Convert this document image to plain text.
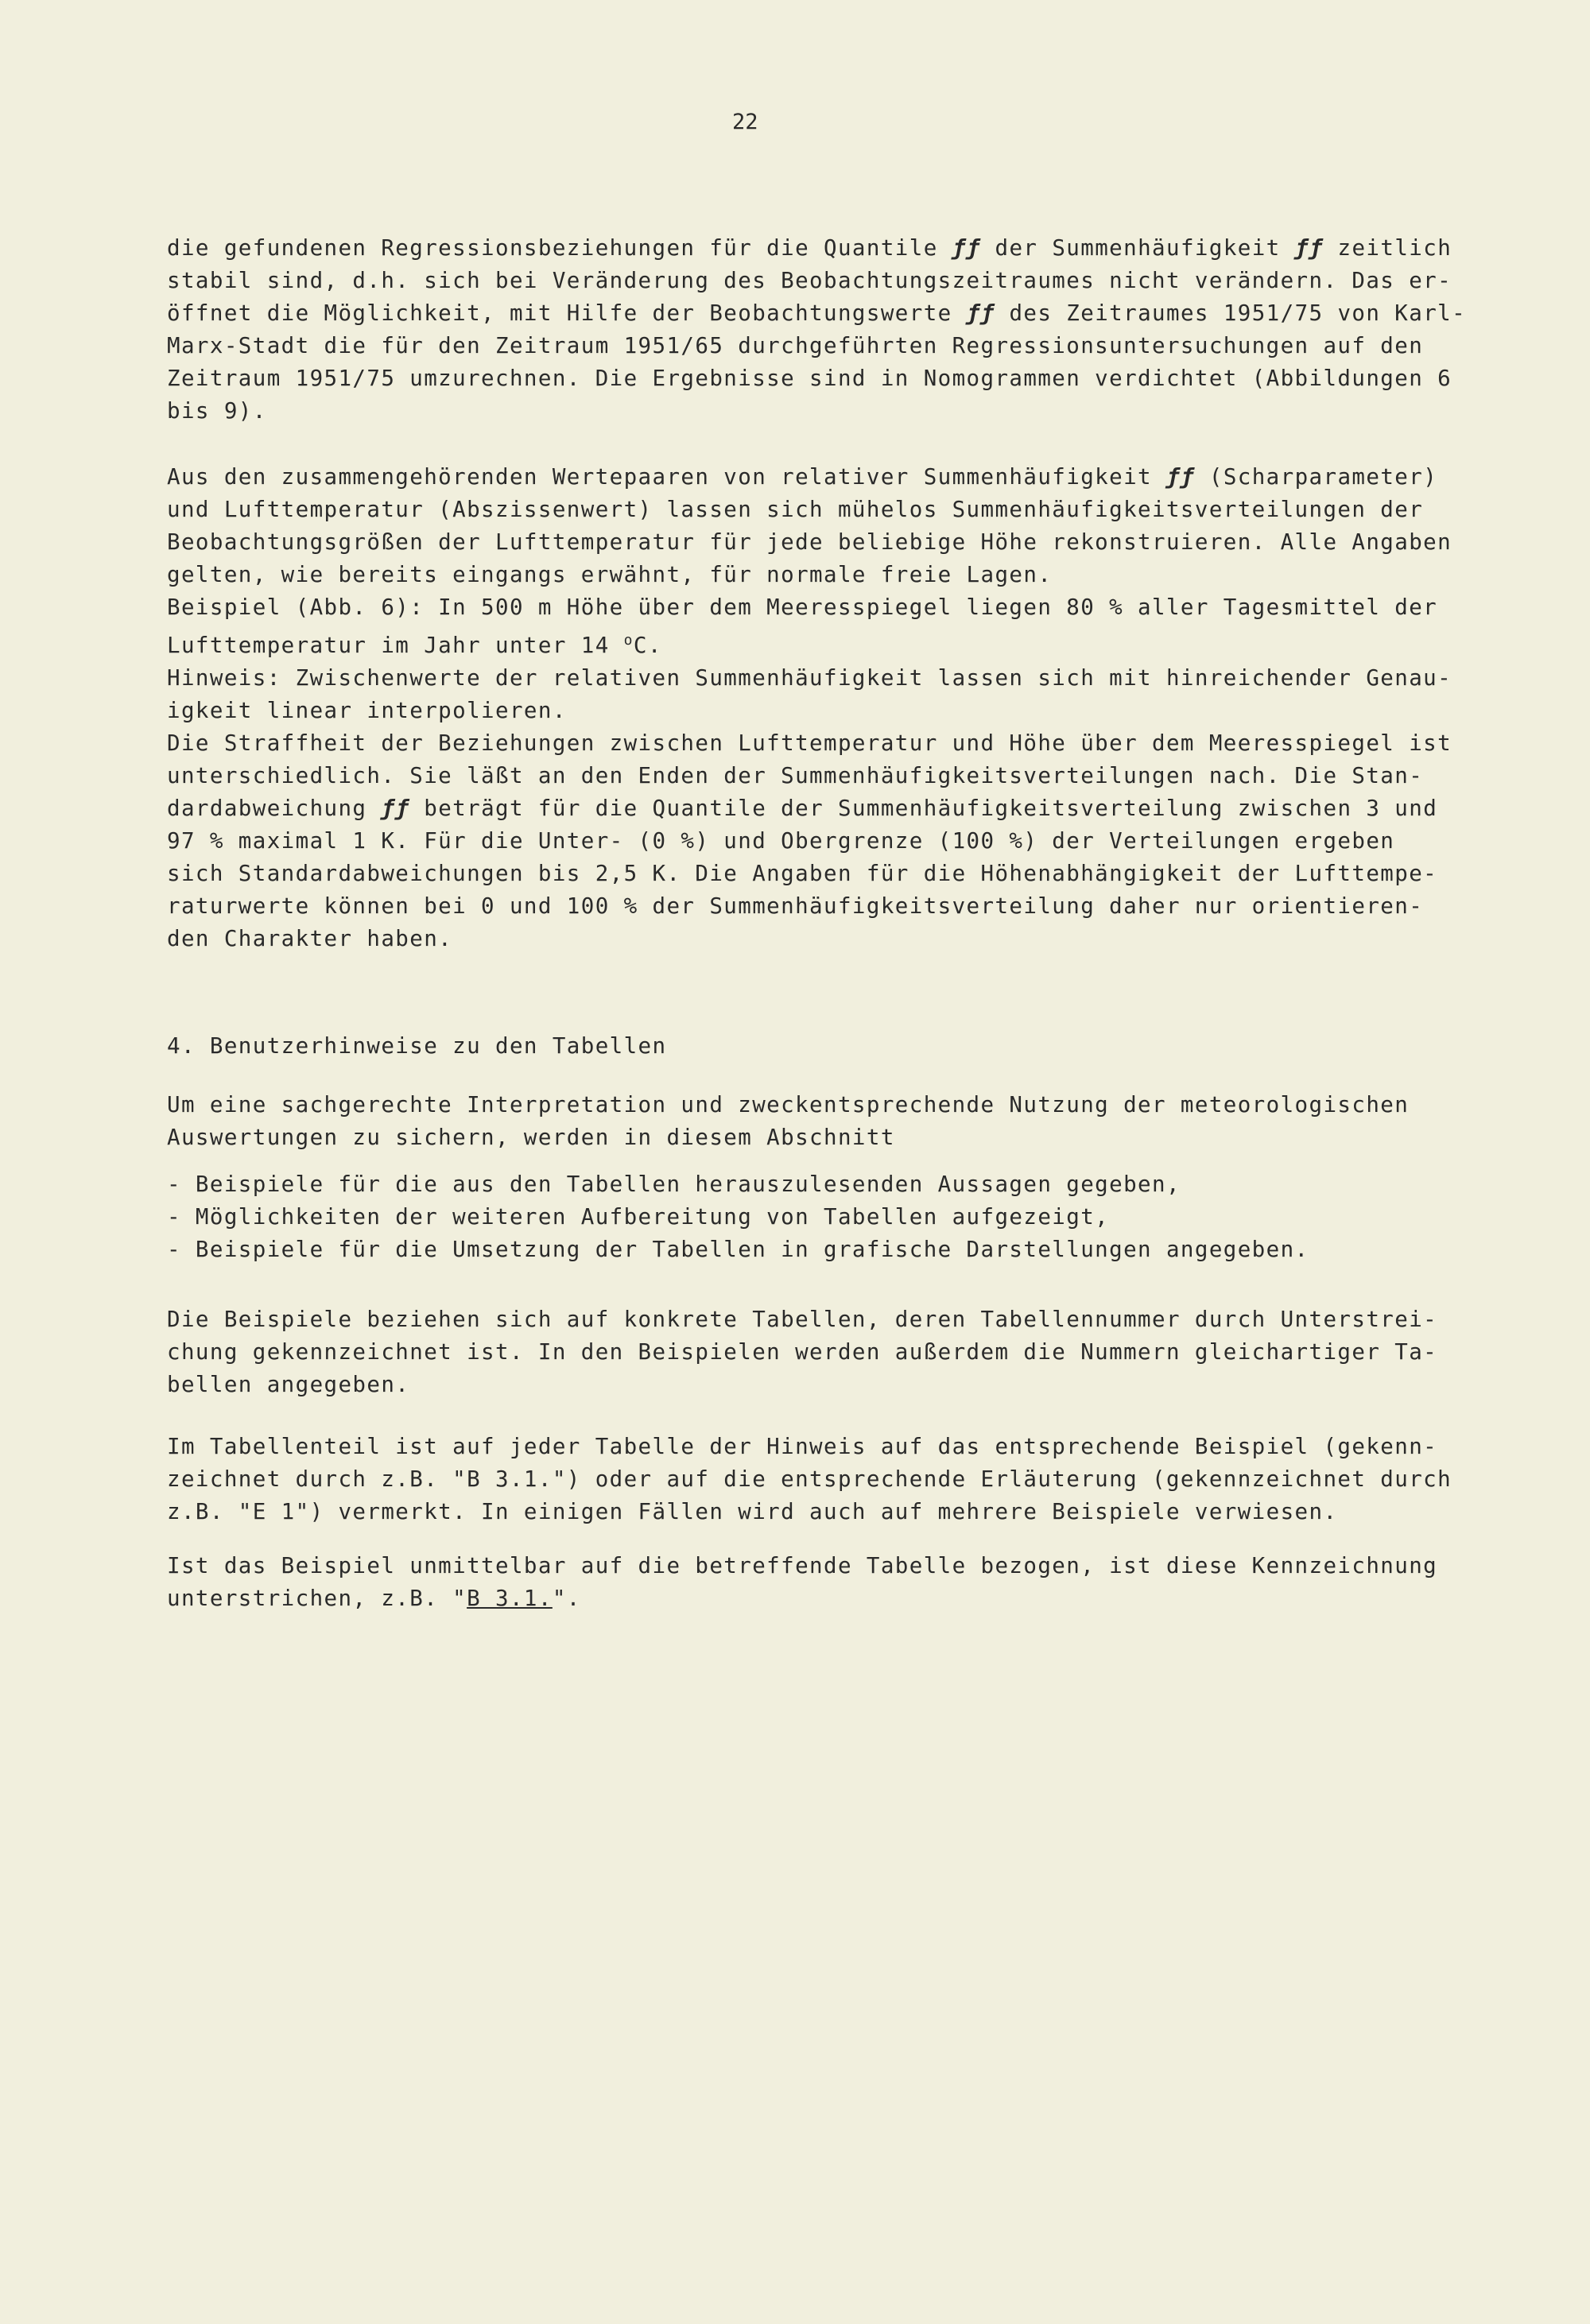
22
die gefundenen Regressionsbeziehungen für die Quantile ƒƒ der Summenhäufigkeit ƒƒ zeitlich
stabil sind, d.h. sich bei Veränderung des Beobachtungszeitraumes nicht verändern. Das er-
öffnet die Möglichkeit, mit Hilfe der Beobachtungswerte ƒƒ des Zeitraumes 1951/75 von Karl-
Marx-Stadt die für den Zeitraum 1951/65 durchgeführten Regressionsuntersuchungen auf den
Zeitraum 1951/75 umzurechnen. Die Ergebnisse sind in Nomogrammen verdichtet (Abbildungen 6
bis 9).
Aus den zusammengehörenden Wertepaaren von relativer Summenhäufigkeit ƒƒ (Scharparameter)
und Lufttemperatur (Abszissenwert) lassen sich mühelos Summenhäufigkeitsverteilungen der
Beobachtungsgrößen der Lufttemperatur für jede beliebige Höhe rekonstruieren. Alle Angaben
gelten, wie bereits eingangs erwähnt, für normale freie Lagen.
Beispiel (Abb. 6): In 500 m Höhe über dem Meeresspiegel liegen 80 % aller Tagesmittel der
Lufttemperatur im Jahr unter 14 $^o$C.
Hinweis: Zwischenwerte der relativen Summenhäufigkeit lassen sich mit hinreichender Genau-
igkeit linear interpolieren.
Die Straffheit der Beziehungen zwischen Lufttemperatur und Höhe über dem Meeresspiegel ist
unterschiedlich. Sie läßt an den Enden der Summenhäufigkeitsverteilungen nach. Die Stan-
dardabweichung ƒƒ beträgt für die Quantile der Summenhäufigkeitsverteilung zwischen 3 und
97 % maximal 1 K. Für die Unter- (0 %) und Obergrenze (100 %) der Verteilungen ergeben
sich Standardabweichungen bis 2,5 K. Die Angaben für die Höhenabhängigkeit der Lufttempe-
raturwerte können bei 0 und 100 % der Summenhäufigkeitsverteilung daher nur orientieren-
den Charakter haben.
4. Benutzerhinweise zu den Tabellen
Um eine sachgerechte Interpretation und zweckentsprechende Nutzung der meteorologischen
Auswertungen zu sichern, werden in diesem Abschnitt
- Beispiele für die aus den Tabellen herauszulesenden Aussagen gegeben,
- Möglichkeiten der weiteren Aufbereitung von Tabellen aufgezeigt,
- Beispiele für die Umsetzung der Tabellen in grafische Darstellungen angegeben.
Die Beispiele beziehen sich auf konkrete Tabellen, deren Tabellennummer durch Unterstrei-
chung gekennzeichnet ist. In den Beispielen werden außerdem die Nummern gleichartiger Ta-
bellen angegeben.
Im Tabellenteil ist auf jeder Tabelle der Hinweis auf das entsprechende Beispiel (gekenn-
zeichnet durch z.B. "B 3.1.") oder auf die entsprechende Erläuterung (gekennzeichnet durch
z.B. "E 1") vermerkt. In einigen Fällen wird auch auf mehrere Beispiele verwiesen.
Ist das Beispiel unmittelbar auf die betreffende Tabelle bezogen, ist diese Kennzeichnung
unterstrichen, z.B. "B 3.1.".
